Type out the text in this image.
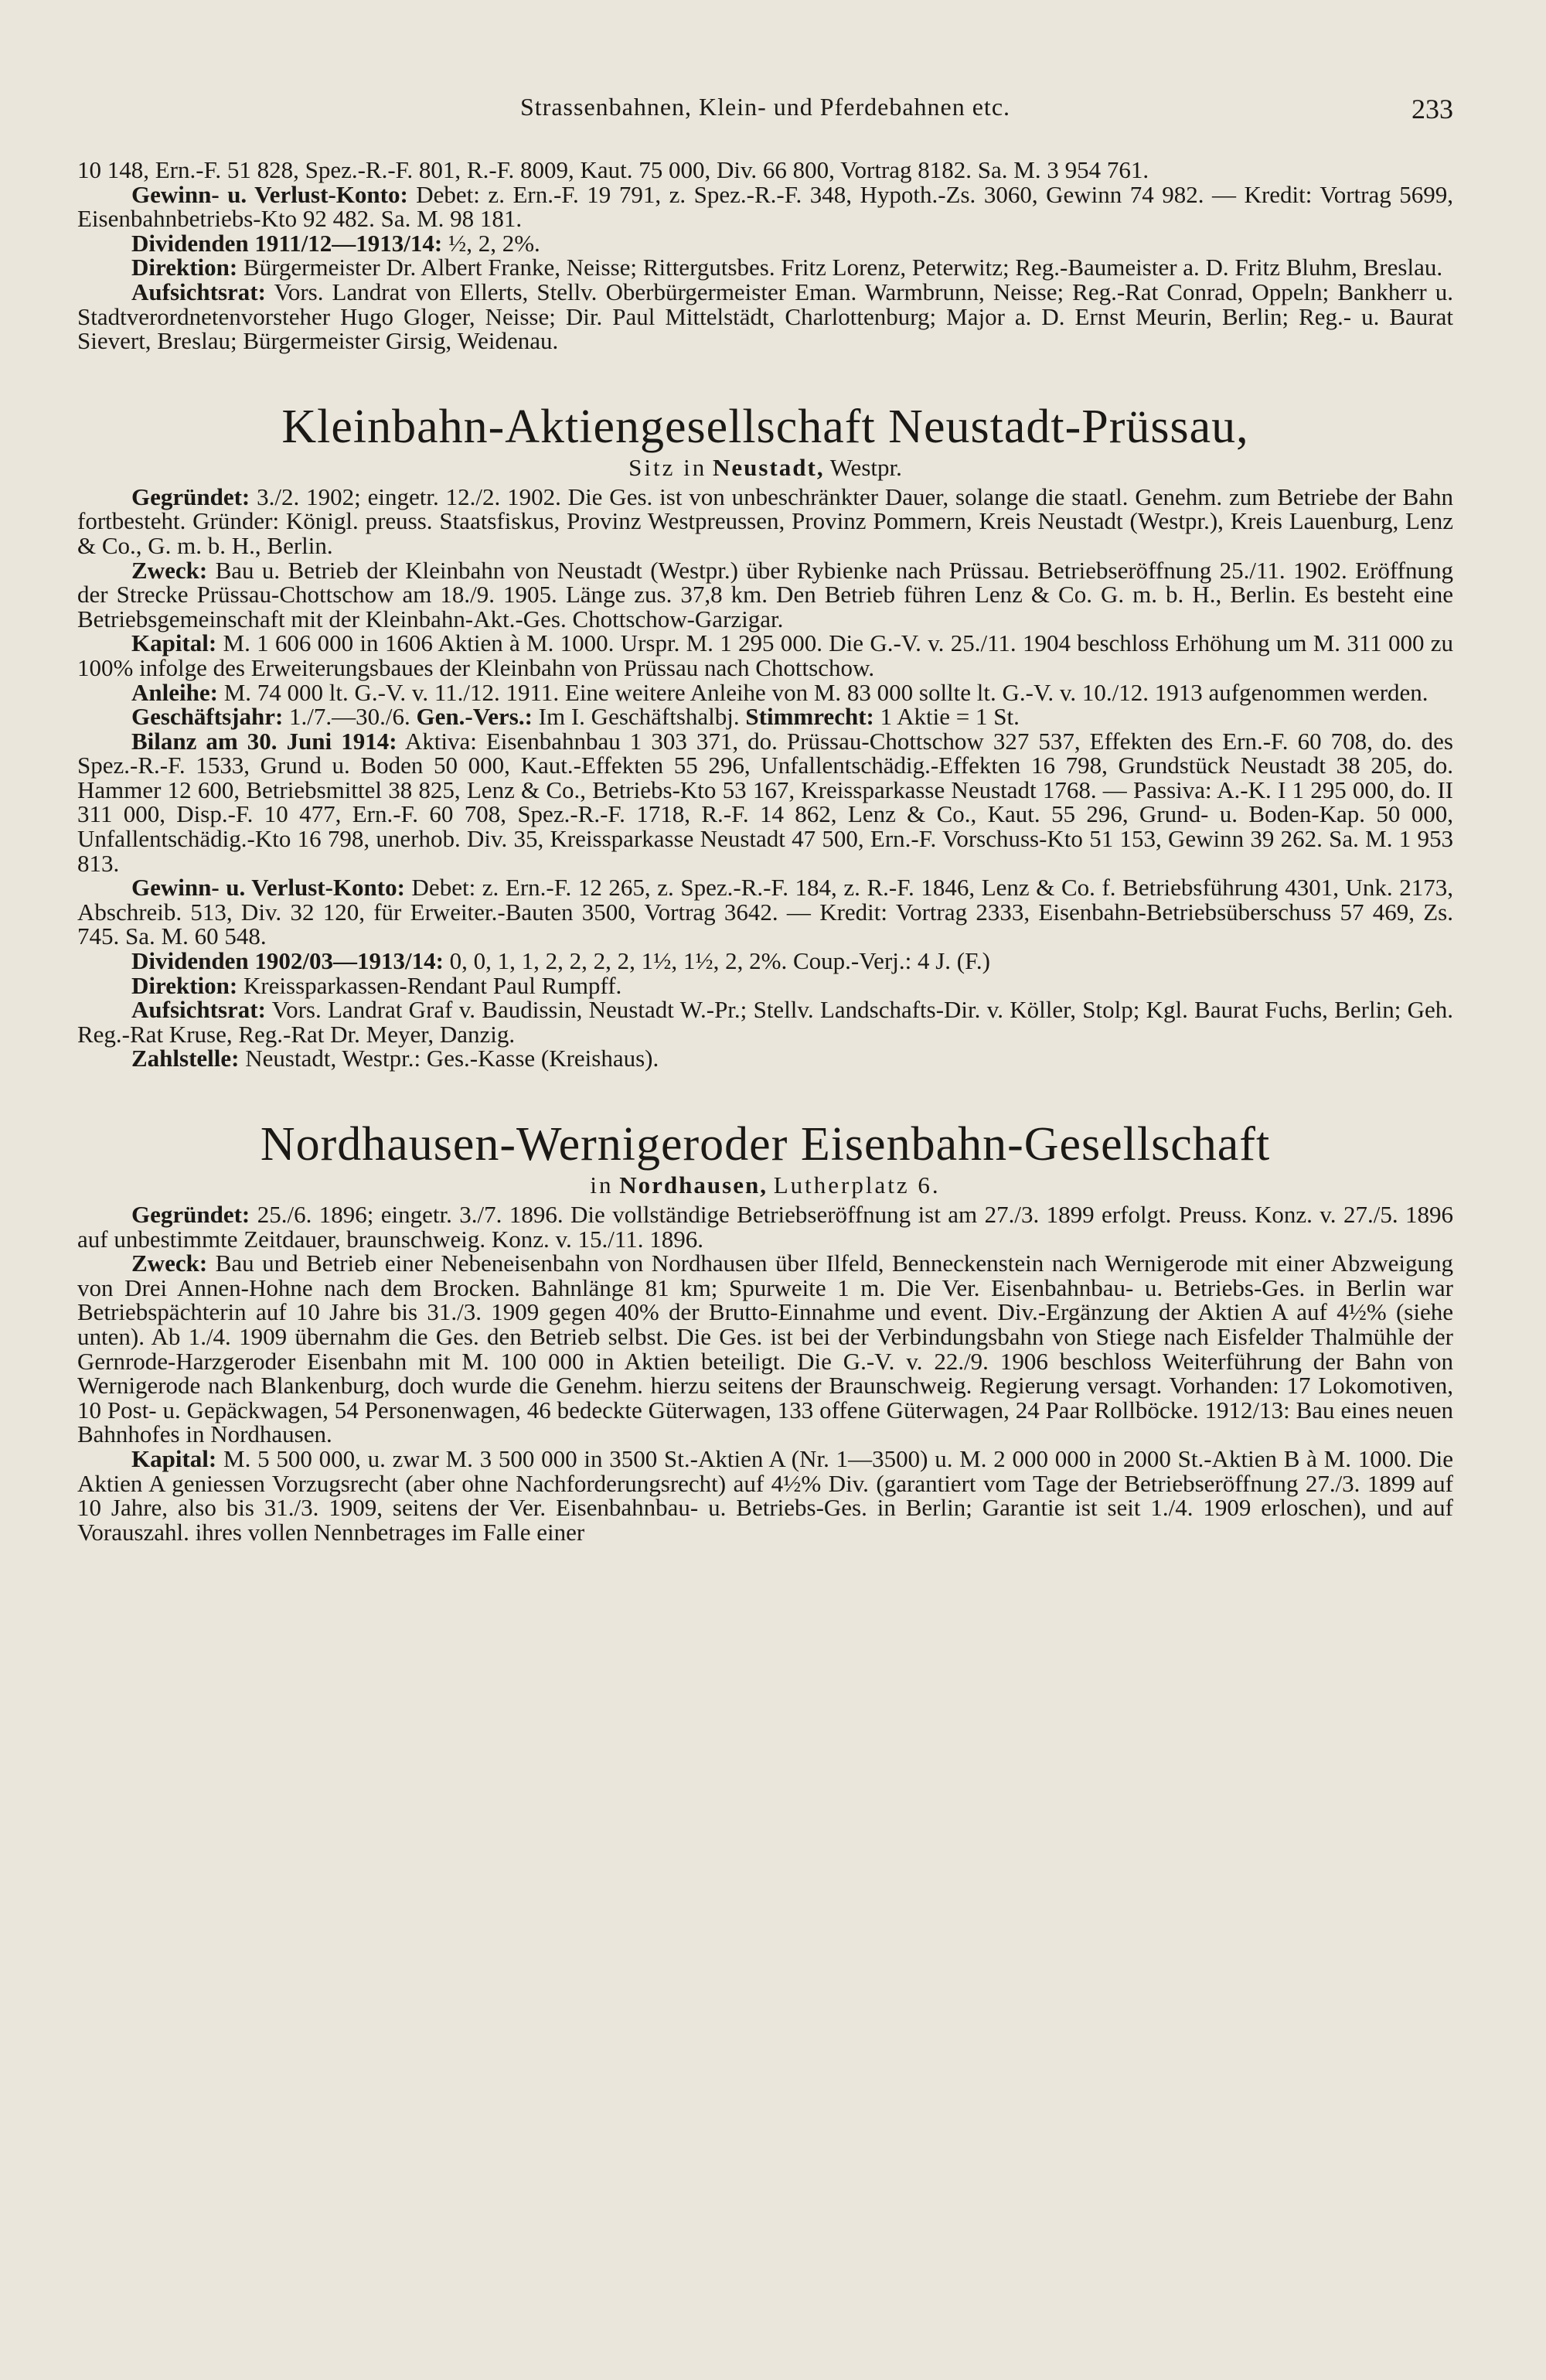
Strassenbahnen, Klein- und Pferdebahnen etc.	233

10 148, Ern.-F. 51 828, Spez.-R.-F. 801, R.-F. 8009, Kaut. 75 000, Div. 66 800, Vortrag 8182. Sa. M. 3 954 761.

Gewinn- u. Verlust-Konto: Debet: z. Ern.-F. 19 791, z. Spez.-R.-F. 348, Hypoth.-Zs. 3060, Gewinn 74 982. — Kredit: Vortrag 5699, Eisenbahnbetriebs-Kto 92 482. Sa. M. 98 181.

Dividenden 1911/12—1913/14: ½, 2, 2%.

Direktion: Bürgermeister Dr. Albert Franke, Neisse; Rittergutsbes. Fritz Lorenz, Peterwitz; Reg.-Baumeister a. D. Fritz Bluhm, Breslau.

Aufsichtsrat: Vors. Landrat von Ellerts, Stellv. Oberbürgermeister Eman. Warmbrunn, Neisse; Reg.-Rat Conrad, Oppeln; Bankherr u. Stadtverordnetenvorsteher Hugo Gloger, Neisse; Dir. Paul Mittelstädt, Charlottenburg; Major a. D. Ernst Meurin, Berlin; Reg.- u. Baurat Sievert, Breslau; Bürgermeister Girsig, Weidenau.

Kleinbahn-Aktiengesellschaft Neustadt-Prüssau,
Sitz in Neustadt, Westpr.

Gegründet: 3./2. 1902; eingetr. 12./2. 1902. Die Ges. ist von unbeschränkter Dauer, solange die staatl. Genehm. zum Betriebe der Bahn fortbesteht. Gründer: Königl. preuss. Staatsfiskus, Provinz Westpreussen, Provinz Pommern, Kreis Neustadt (Westpr.), Kreis Lauenburg, Lenz & Co., G. m. b. H., Berlin.

Zweck: Bau u. Betrieb der Kleinbahn von Neustadt (Westpr.) über Rybienke nach Prüssau. Betriebseröffnung 25./11. 1902. Eröffnung der Strecke Prüssau-Chottschow am 18./9. 1905. Länge zus. 37,8 km. Den Betrieb führen Lenz & Co. G. m. b. H., Berlin. Es besteht eine Betriebsgemeinschaft mit der Kleinbahn-Akt.-Ges. Chottschow-Garzigar.

Kapital: M. 1 606 000 in 1606 Aktien à M. 1000. Urspr. M. 1 295 000. Die G.-V. v. 25./11. 1904 beschloss Erhöhung um M. 311 000 zu 100% infolge des Erweiterungsbaues der Kleinbahn von Prüssau nach Chottschow.

Anleihe: M. 74 000 lt. G.-V. v. 11./12. 1911. Eine weitere Anleihe von M. 83 000 sollte lt. G.-V. v. 10./12. 1913 aufgenommen werden.

Geschäftsjahr: 1./7.—30./6. Gen.-Vers.: Im I. Geschäftshalbj. Stimmrecht: 1 Aktie = 1 St.

Bilanz am 30. Juni 1914: Aktiva: Eisenbahnbau 1 303 371, do. Prüssau-Chottschow 327 537, Effekten des Ern.-F. 60 708, do. des Spez.-R.-F. 1533, Grund u. Boden 50 000, Kaut.-Effekten 55 296, Unfallentschädig.-Effekten 16 798, Grundstück Neustadt 38 205, do. Hammer 12 600, Betriebsmittel 38 825, Lenz & Co., Betriebs-Kto 53 167, Kreissparkasse Neustadt 1768. — Passiva: A.-K. I 1 295 000, do. II 311 000, Disp.-F. 10 477, Ern.-F. 60 708, Spez.-R.-F. 1718, R.-F. 14 862, Lenz & Co., Kaut. 55 296, Grund- u. Boden-Kap. 50 000, Unfallentschädig.-Kto 16 798, unerhob. Div. 35, Kreissparkasse Neustadt 47 500, Ern.-F. Vorschuss-Kto 51 153, Gewinn 39 262. Sa. M. 1 953 813.

Gewinn- u. Verlust-Konto: Debet: z. Ern.-F. 12 265, z. Spez.-R.-F. 184, z. R.-F. 1846, Lenz & Co. f. Betriebsführung 4301, Unk. 2173, Abschreib. 513, Div. 32 120, für Erweiter.-Bauten 3500, Vortrag 3642. — Kredit: Vortrag 2333, Eisenbahn-Betriebsüberschuss 57 469, Zs. 745. Sa. M. 60 548.

Dividenden 1902/03—1913/14: 0, 0, 1, 1, 2, 2, 2, 2, 1½, 1½, 2, 2%. Coup.-Verj.: 4 J. (F.)

Direktion: Kreissparkassen-Rendant Paul Rumpff.

Aufsichtsrat: Vors. Landrat Graf v. Baudissin, Neustadt W.-Pr.; Stellv. Landschafts-Dir. v. Köller, Stolp; Kgl. Baurat Fuchs, Berlin; Geh. Reg.-Rat Kruse, Reg.-Rat Dr. Meyer, Danzig.

Zahlstelle: Neustadt, Westpr.: Ges.-Kasse (Kreishaus).

Nordhausen-Wernigeroder Eisenbahn-Gesellschaft
in Nordhausen, Lutherplatz 6.

Gegründet: 25./6. 1896; eingetr. 3./7. 1896. Die vollständige Betriebseröffnung ist am 27./3. 1899 erfolgt. Preuss. Konz. v. 27./5. 1896 auf unbestimmte Zeitdauer, braunschweig. Konz. v. 15./11. 1896.

Zweck: Bau und Betrieb einer Nebeneisenbahn von Nordhausen über Ilfeld, Benneckenstein nach Wernigerode mit einer Abzweigung von Drei Annen-Hohne nach dem Brocken. Bahnlänge 81 km; Spurweite 1 m. Die Ver. Eisenbahnbau- u. Betriebs-Ges. in Berlin war Betriebspächterin auf 10 Jahre bis 31./3. 1909 gegen 40% der Brutto-Einnahme und event. Div.-Ergänzung der Aktien A auf 4½% (siehe unten). Ab 1./4. 1909 übernahm die Ges. den Betrieb selbst. Die Ges. ist bei der Verbindungsbahn von Stiege nach Eisfelder Thalmühle der Gernrode-Harzgeroder Eisenbahn mit M. 100 000 in Aktien beteiligt. Die G.-V. v. 22./9. 1906 beschloss Weiterführung der Bahn von Wernigerode nach Blankenburg, doch wurde die Genehm. hierzu seitens der Braunschweig. Regierung versagt. Vorhanden: 17 Lokomotiven, 10 Post- u. Gepäckwagen, 54 Personenwagen, 46 bedeckte Güterwagen, 133 offene Güterwagen, 24 Paar Rollböcke. 1912/13: Bau eines neuen Bahnhofes in Nordhausen.

Kapital: M. 5 500 000, u. zwar M. 3 500 000 in 3500 St.-Aktien A (Nr. 1—3500) u. M. 2 000 000 in 2000 St.-Aktien B à M. 1000. Die Aktien A geniessen Vorzugsrecht (aber ohne Nachforderungsrecht) auf 4½% Div. (garantiert vom Tage der Betriebseröffnung 27./3. 1899 auf 10 Jahre, also bis 31./3. 1909, seitens der Ver. Eisenbahnbau- u. Betriebs-Ges. in Berlin; Garantie ist seit 1./4. 1909 erloschen), und auf Vorauszahl. ihres vollen Nennbetrages im Falle einer
